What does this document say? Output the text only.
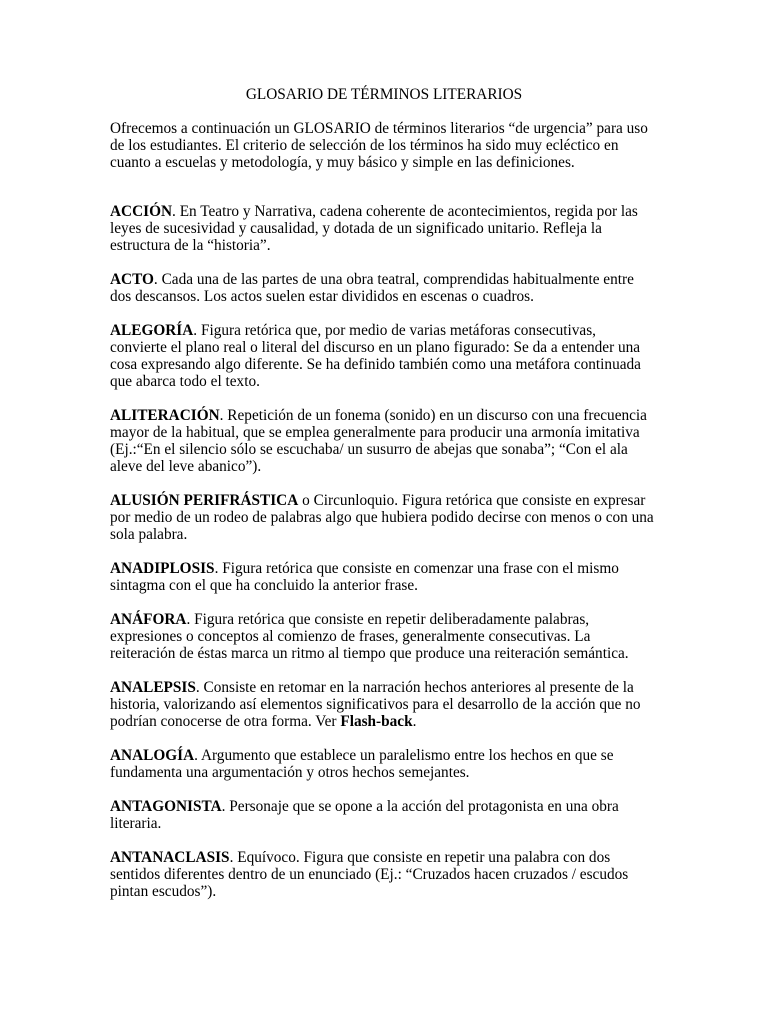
GLOSARIO DE TÉRMINOS LITERARIOS

Ofrecemos a continuación un GLOSARIO de términos literarios “de urgencia” para uso de los estudiantes. El criterio de selección de los términos ha sido muy ecléctico en cuanto a escuelas y metodología, y muy básico y simple en las definiciones.

ACCIÓN. En Teatro y Narrativa, cadena coherente de acontecimientos, regida por las leyes de sucesividad y causalidad, y dotada de un significado unitario. Refleja la estructura de la “historia”.

ACTO. Cada una de las partes de una obra teatral, comprendidas habitualmente entre dos descansos. Los actos suelen estar divididos en escenas o cuadros.

ALEGORÍA. Figura retórica que, por medio de varias metáforas consecutivas, convierte el plano real o literal del discurso en un plano figurado: Se da a entender una cosa expresando algo diferente. Se ha definido también como una metáfora continuada que abarca todo el texto.

ALITERACIÓN. Repetición de un fonema (sonido) en un discurso con una frecuencia mayor de la habitual, que se emplea generalmente para producir una armonía imitativa (Ej.:“En el silencio sólo se escuchaba/ un susurro de abejas que sonaba”; “Con el ala aleve del leve abanico”).

ALUSIÓN PERIFRÁSTICA o Circunloquio. Figura retórica que consiste en expresar por medio de un rodeo de palabras algo que hubiera podido decirse con menos o con una sola palabra.

ANADIPLOSIS. Figura retórica que consiste en comenzar una frase con el mismo sintagma con el que ha concluido la anterior frase.

ANÁFORA. Figura retórica que consiste en repetir deliberadamente palabras, expresiones o conceptos al comienzo de frases, generalmente consecutivas. La reiteración de éstas marca un ritmo al tiempo que produce una reiteración semántica.

ANALEPSIS. Consiste en retomar en la narración hechos anteriores al presente de la historia, valorizando así elementos significativos para el desarrollo de la acción que no podrían conocerse de otra forma. Ver Flash-back.

ANALOGÍA. Argumento que establece un paralelismo entre los hechos en que se fundamenta una argumentación y otros hechos semejantes.

ANTAGONISTA. Personaje que se opone a la acción del protagonista en una obra literaria.

ANTANACLASIS. Equívoco. Figura que consiste en repetir una palabra con dos sentidos diferentes dentro de un enunciado (Ej.: “Cruzados hacen cruzados / escudos pintan escudos”).
